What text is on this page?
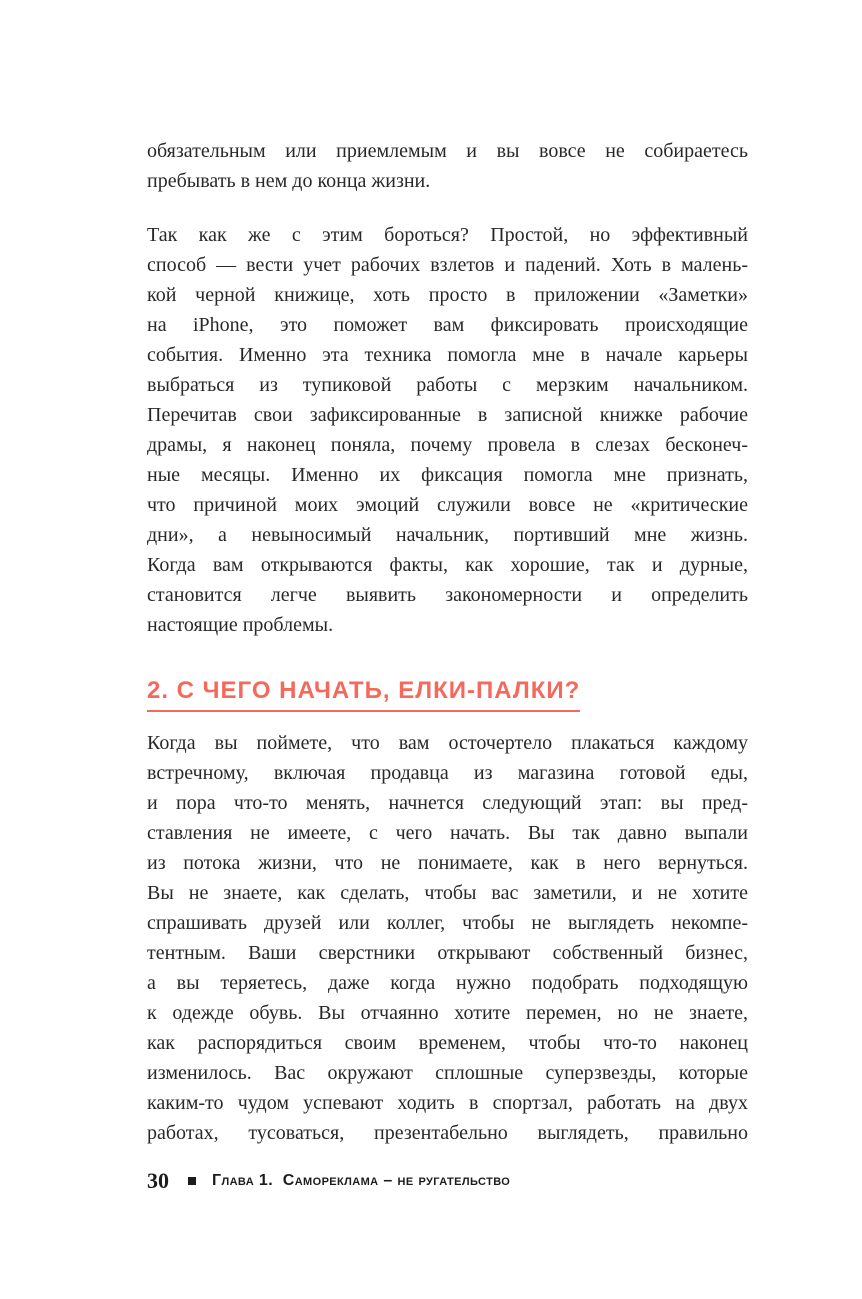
обязательным или приемлемым и вы вовсе не собираетесь
пребывать в нем до конца жизни.

Так как же с этим бороться? Простой, но эффективный
способ — вести учет рабочих взлетов и падений. Хоть в малень-
кой черной книжице, хоть просто в приложении «Заметки»
на iPhone, это поможет вам фиксировать происходящие
события. Именно эта техника помогла мне в начале карьеры
выбраться из тупиковой работы с мерзким начальником.
Перечитав свои зафиксированные в записной книжке рабочие
драмы, я наконец поняла, почему провела в слезах бесконеч-
ные месяцы. Именно их фиксация помогла мне признать,
что причиной моих эмоций служили вовсе не «критические
дни», а невыносимый начальник, портивший мне жизнь.
Когда вам открываются факты, как хорошие, так и дурные,
становится легче выявить закономерности и определить
настоящие проблемы.

2. С ЧЕГО НАЧАТЬ, ЕЛКИ-ПАЛКИ?

Когда вы поймете, что вам осточертело плакаться каждому
встречному, включая продавца из магазина готовой еды,
и пора что-то менять, начнется следующий этап: вы пред-
ставления не имеете, с чего начать. Вы так давно выпали
из потока жизни, что не понимаете, как в него вернуться.
Вы не знаете, как сделать, чтобы вас заметили, и не хотите
спрашивать друзей или коллег, чтобы не выглядеть некомпе-
тентным. Ваши сверстники открывают собственный бизнес,
а вы теряетесь, даже когда нужно подобрать подходящую
к одежде обувь. Вы отчаянно хотите перемен, но не знаете,
как распорядиться своим временем, чтобы что-то наконец
изменилось. Вас окружают сплошные суперзвезды, которые
каким-то чудом успевают ходить в спортзал, работать на двух
работах, тусоваться, презентабельно выглядеть, правильно

30	Глава 1.  Самореклама – не ругательство
